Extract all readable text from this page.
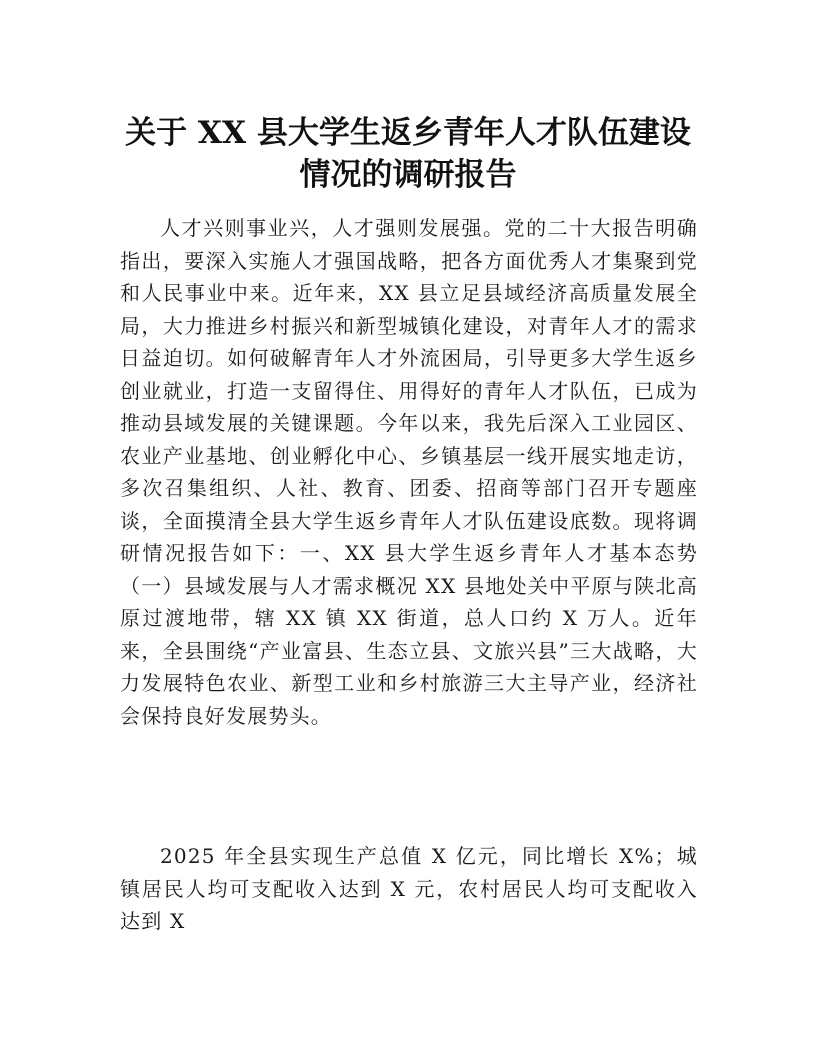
关于 XX 县大学生返乡青年人才队伍建设情况的调研报告

人才兴则事业兴，人才强则发展强。党的二十大报告明确指出，要深入实施人才强国战略，把各方面优秀人才集聚到党和人民事业中来。近年来，XX 县立足县域经济高质量发展全局，大力推进乡村振兴和新型城镇化建设，对青年人才的需求日益迫切。如何破解青年人才外流困局，引导更多大学生返乡创业就业，打造一支留得住、用得好的青年人才队伍，已成为推动县域发展的关键课题。今年以来，我先后深入工业园区、农业产业基地、创业孵化中心、乡镇基层一线开展实地走访，多次召集组织、人社、教育、团委、招商等部门召开专题座谈，全面摸清全县大学生返乡青年人才队伍建设底数。现将调研情况报告如下：一、XX 县大学生返乡青年人才基本态势（一）县域发展与人才需求概况 XX 县地处关中平原与陕北高原过渡地带，辖 XX 镇 XX 街道，总人口约 X 万人。近年来，全县围绕“产业富县、生态立县、文旅兴县”三大战略，大力发展特色农业、新型工业和乡村旅游三大主导产业，经济社会保持良好发展势头。

2025 年全县实现生产总值 X 亿元，同比增长 X%；城镇居民人均可支配收入达到 X 元，农村居民人均可支配收入达到 X
